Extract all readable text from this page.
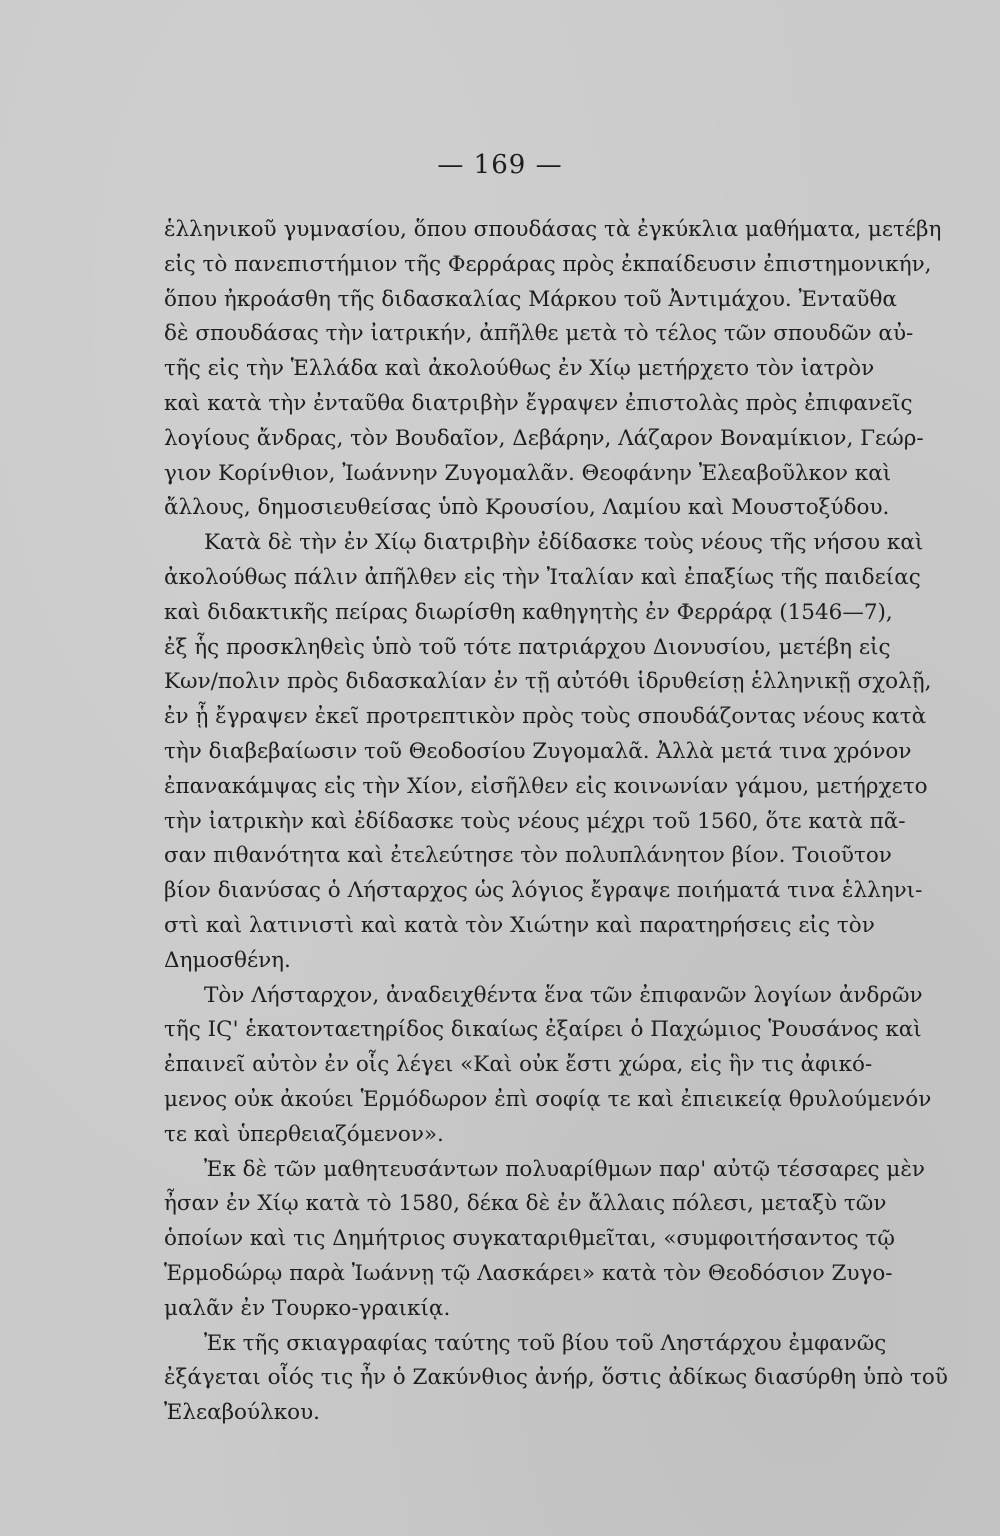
— 169 —
ἑλληνικοῦ γυμνασίου, ὅπου σπουδάσας τὰ ἐγκύκλια μαθήματα, μετέβη
εἰς τὸ πανεπιστήμιον τῆς Φερράρας πρὸς ἐκπαίδευσιν ἐπιστημονικήν,
ὅπου ἠκροάσθη τῆς διδασκαλίας Μάρκου τοῦ Ἀντιμάχου. Ἐνταῦθα
δὲ σπουδάσας τὴν ἰατρικήν, ἀπῆλθε μετὰ τὸ τέλος τῶν σπουδῶν αὐ-
τῆς εἰς τὴν Ἑλλάδα καὶ ἀκολούθως ἐν Χίῳ μετήρχετο τὸν ἰατρὸν
καὶ κατὰ τὴν ἐνταῦθα διατριβὴν ἔγραψεν ἐπιστολὰς πρὸς ἐπιφανεῖς
λογίους ἄνδρας, τὸν Βουδαῖον, Δεβάρην, Λάζαρον Βοναμίκιον, Γεώρ-
γιον Κορίνθιον, Ἰωάννην Ζυγομαλᾶν. Θεοφάνην Ἐλεαβοῦλκον καὶ
ἄλλους, δημοσιευθείσας ὑπὸ Κρουσίου, Λαμίου καὶ Μουστοξύδου.
Κατὰ δὲ τὴν ἐν Χίῳ διατριβὴν ἐδίδασκε τοὺς νέους τῆς νήσου καὶ
ἀκολούθως πάλιν ἀπῆλθεν εἰς τὴν Ἰταλίαν καὶ ἐπαξίως τῆς παιδείας
καὶ διδακτικῆς πείρας διωρίσθη καθηγητὴς ἐν Φερράρᾳ (1546—7),
ἐξ ἧς προσκληθεὶς ὑπὸ τοῦ τότε πατριάρχου Διονυσίου, μετέβη εἰς
Κων/πολιν πρὸς διδασκαλίαν ἐν τῇ αὐτόθι ἱδρυθείσῃ ἑλληνικῇ σχολῇ,
ἐν ᾗ ἔγραψεν ἐκεῖ προτρεπτικὸν πρὸς τοὺς σπουδάζοντας νέους κατὰ
τὴν διαβεβαίωσιν τοῦ Θεοδοσίου Ζυγομαλᾶ. Ἀλλὰ μετά τινα χρόνον
ἐπανακάμψας εἰς τὴν Χίον, εἰσῆλθεν εἰς κοινωνίαν γάμου, μετήρχετο
τὴν ἰατρικὴν καὶ ἐδίδασκε τοὺς νέους μέχρι τοῦ 1560, ὅτε κατὰ πᾶ-
σαν πιθανότητα καὶ ἐτελεύτησε τὸν πολυπλάνητον βίον. Τοιοῦτον
βίον διανύσας ὁ Λήσταρχος ὡς λόγιος ἔγραψε ποιήματά τινα ἑλληνι-
στὶ καὶ λατινιστὶ καὶ κατὰ τὸν Χιώτην καὶ παρατηρήσεις εἰς τὸν
Δημοσθένη.
Τὸν Λήσταρχον, ἀναδειχθέντα ἕνα τῶν ἐπιφανῶν λογίων ἀνδρῶν
τῆς ΙϚ' ἑκατονταετηρίδος δικαίως ἐξαίρει ὁ Παχώμιος Ῥουσάνος καὶ
ἐπαινεῖ αὐτὸν ἐν οἷς λέγει «Καὶ οὐκ ἔστι χώρα, εἰς ἣν τις ἀφικό-
μενος οὐκ ἀκούει Ἑρμόδωρον ἐπὶ σοφίᾳ τε καὶ ἐπιεικείᾳ θρυλούμενόν
τε καὶ ὑπερθειαζόμενον».
Ἐκ δὲ τῶν μαθητευσάντων πολυαρίθμων παρ' αὐτῷ τέσσαρες μὲν
ἦσαν ἐν Χίῳ κατὰ τὸ 1580, δέκα δὲ ἐν ἄλλαις πόλεσι, μεταξὺ τῶν
ὁποίων καὶ τις Δημήτριος συγκαταριθμεῖται, «συμφοιτήσαντος τῷ
Ἑρμοδώρῳ παρὰ Ἰωάννῃ τῷ Λασκάρει» κατὰ τὸν Θεοδόσιον Ζυγο-
μαλᾶν ἐν Τουρκο-γραικίᾳ.
Ἐκ τῆς σκιαγραφίας ταύτης τοῦ βίου τοῦ Ληστάρχου ἐμφανῶς
ἐξάγεται οἷός τις ἦν ὁ Ζακύνθιος ἀνήρ, ὅστις ἀδίκως διασύρθη ὑπὸ τοῦ
Ἐλεαβούλκου.
